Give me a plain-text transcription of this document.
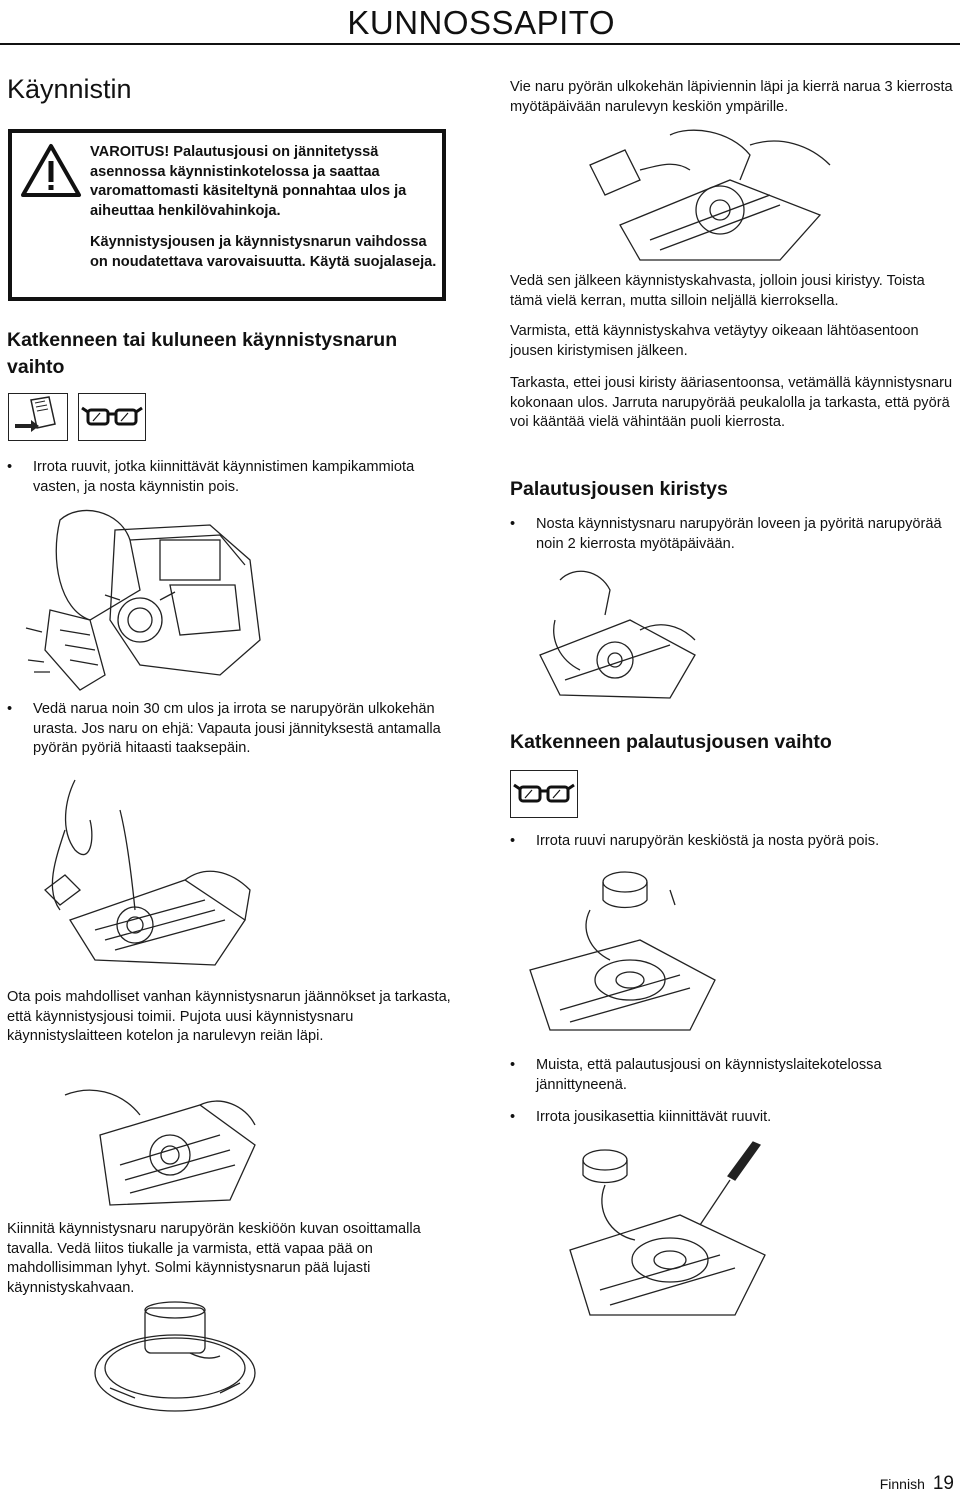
KUNNOSSAPITO
Käynnistin

VAROITUS! Palautusjousi on jännitetyssä asennossa käynnistinkotelossa ja saattaa varomattomasti käsiteltynä ponnahtaa ulos ja aiheuttaa henkilövahinkoja.

Käynnistysjousen ja käynnistysnarun vaihdossa on noudatettava varovaisuutta. Käytä suojalaseja.

Katkenneen tai kuluneen käynnistysnarun vaihto
• Irrota ruuvit, jotka kiinnittävät käynnistimen kampikammiota vasten, ja nosta käynnistin pois.
• Vedä narua noin 30 cm ulos ja irrota se narupyörän ulkokehän urasta. Jos naru on ehjä: Vapauta jousi jännityksestä antamalla pyörän pyöriä hitaasti taaksepäin.

Ota pois mahdolliset vanhan käynnistysnarun jäännökset ja tarkasta, että käynnistysjousi toimii. Pujota uusi käynnistysnaru käynnistyslaitteen kotelon ja narulevyn reiän läpi.

Kiinnitä käynnistysnaru narupyörän keskiöön kuvan osoittamalla tavalla. Vedä liitos tiukalle ja varmista, että vapaa pää on mahdollisimman lyhyt. Solmi käynnistysnarun pää lujasti käynnistyskahvaan.

Vie naru pyörän ulkokehän läpiviennin läpi ja kierrä narua 3 kierrosta myötäpäivään narulevyn keskiön ympärille.

Vedä sen jälkeen käynnistyskahvasta, jolloin jousi kiristyy. Toista tämä vielä kerran, mutta silloin neljällä kierroksella.

Varmista, että käynnistyskahva vetäytyy oikeaan lähtöasentoon jousen kiristymisen jälkeen.

Tarkasta, ettei jousi kiristy ääriasentoonsa, vetämällä käynnistysnaru kokonaan ulos. Jarruta narupyörää peukalolla ja tarkasta, että pyörä voi kääntää vielä vähintään puoli kierrosta.

Palautusjousen kiristys
• Nosta käynnistysnaru narupyörän loveen ja pyöritä narupyörää noin 2 kierrosta myötäpäivään.
Katkenneen palautusjousen vaihto
• Irrota ruuvi narupyörän keskiöstä ja nosta pyörä pois.
• Muista, että palautusjousi on käynnistyslaitekotelossa jännittyneenä.
• Irrota jousikasettia kiinnittävät ruuvit.
Finnish 19
